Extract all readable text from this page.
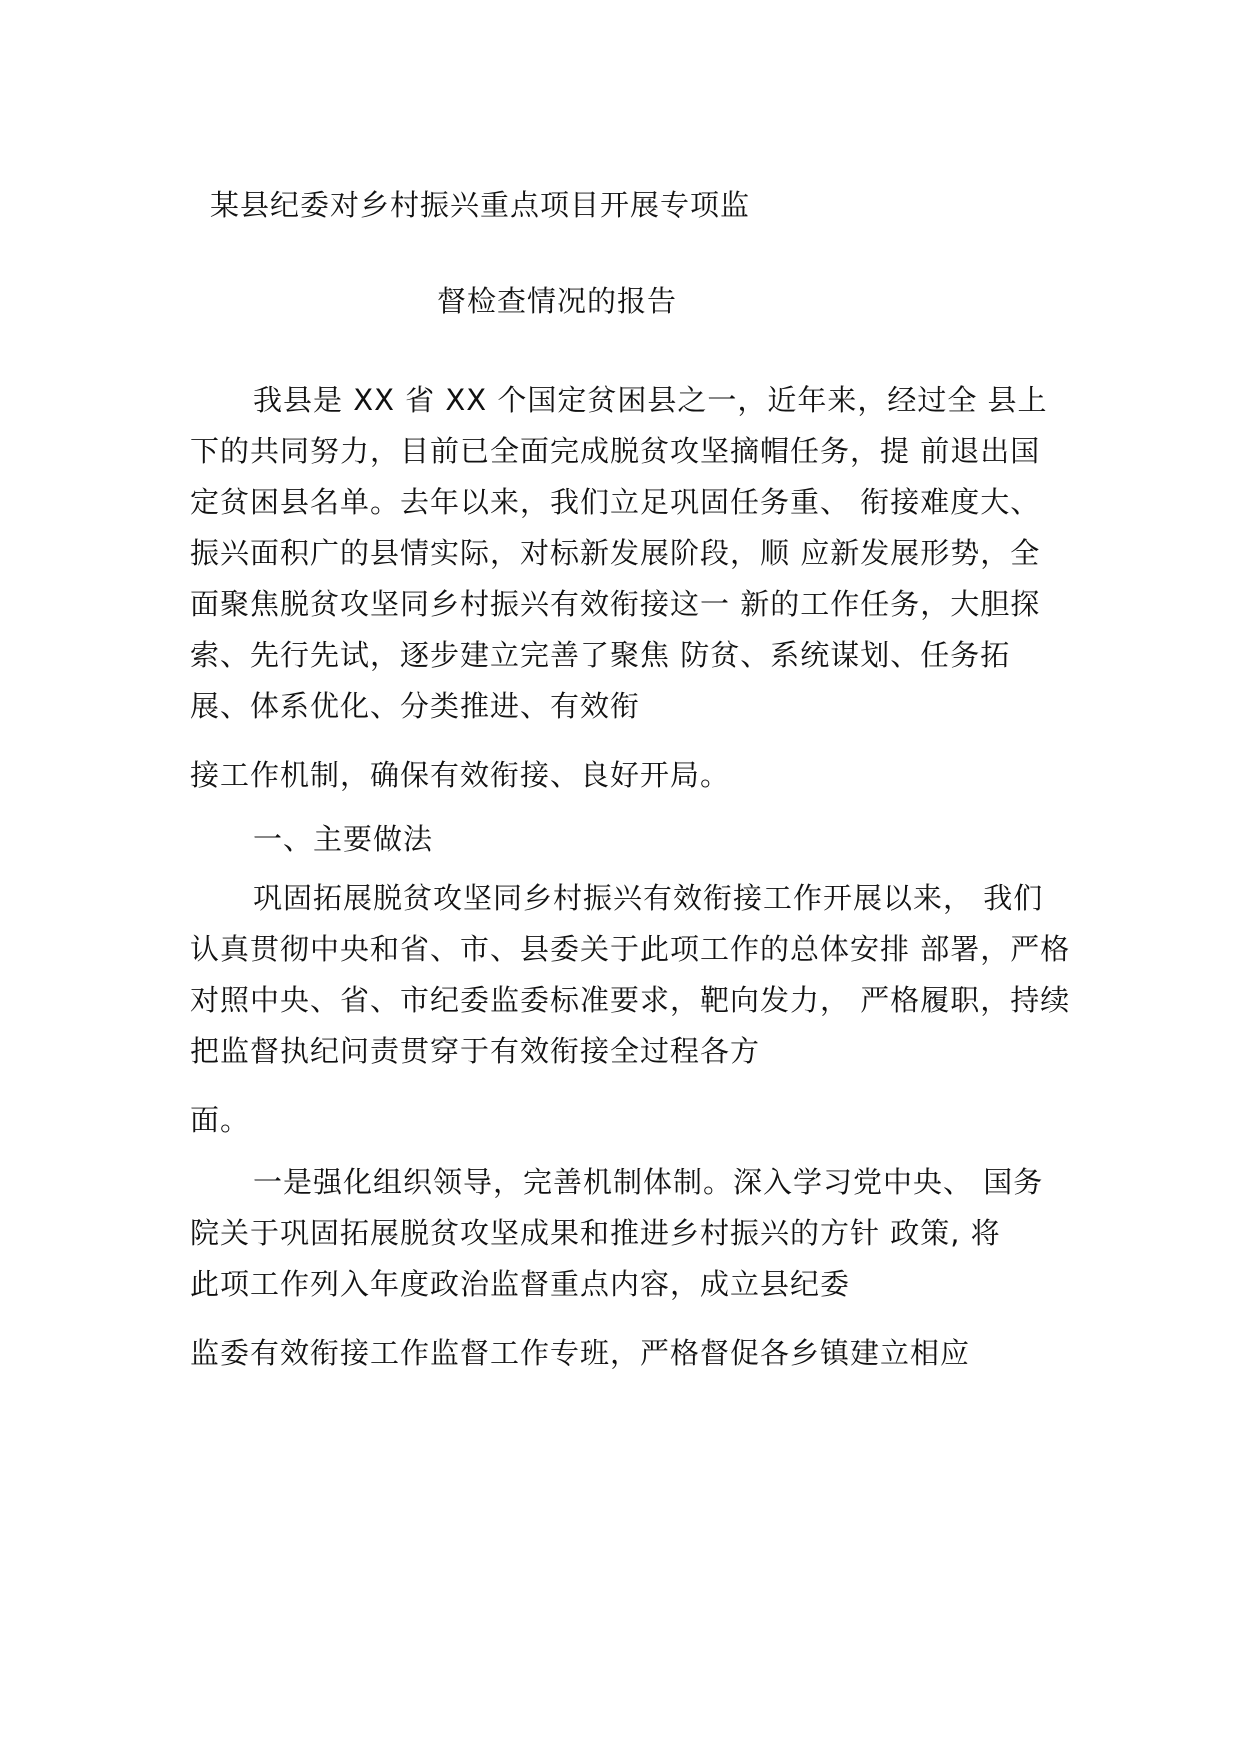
某县纪委对乡村振兴重点项目开展专项监
督检查情况的报告
我县是 XX 省 XX 个国定贫困县之一，近年来，经过全 县上
下的共同努力，目前已全面完成脱贫攻坚摘帽任务，提 前退出国
定贫困县名单。去年以来，我们立足巩固任务重、 衔接难度大、
振兴面积广的县情实际，对标新发展阶段，顺 应新发展形势，全
面聚焦脱贫攻坚同乡村振兴有效衔接这一 新的工作任务，大胆探
索、先行先试，逐步建立完善了聚焦 防贫、系统谋划、任务拓
展、体系优化、分类推进、有效衔
接工作机制，确保有效衔接、良好开局。
一、主要做法
巩固拓展脱贫攻坚同乡村振兴有效衔接工作开展以来， 我们
认真贯彻中央和省、市、县委关于此项工作的总体安排 部署，严格
对照中央、省、市纪委监委标准要求，靶向发力， 严格履职，持续
把监督执纪问责贯穿于有效衔接全过程各方
面。
一是强化组织领导，完善机制体制。深入学习党中央、 国务
院关于巩固拓展脱贫攻坚成果和推进乡村振兴的方针 政策, 将
此项工作列入年度政治监督重点内容，成立县纪委
监委有效衔接工作监督工作专班，严格督促各乡镇建立相应
